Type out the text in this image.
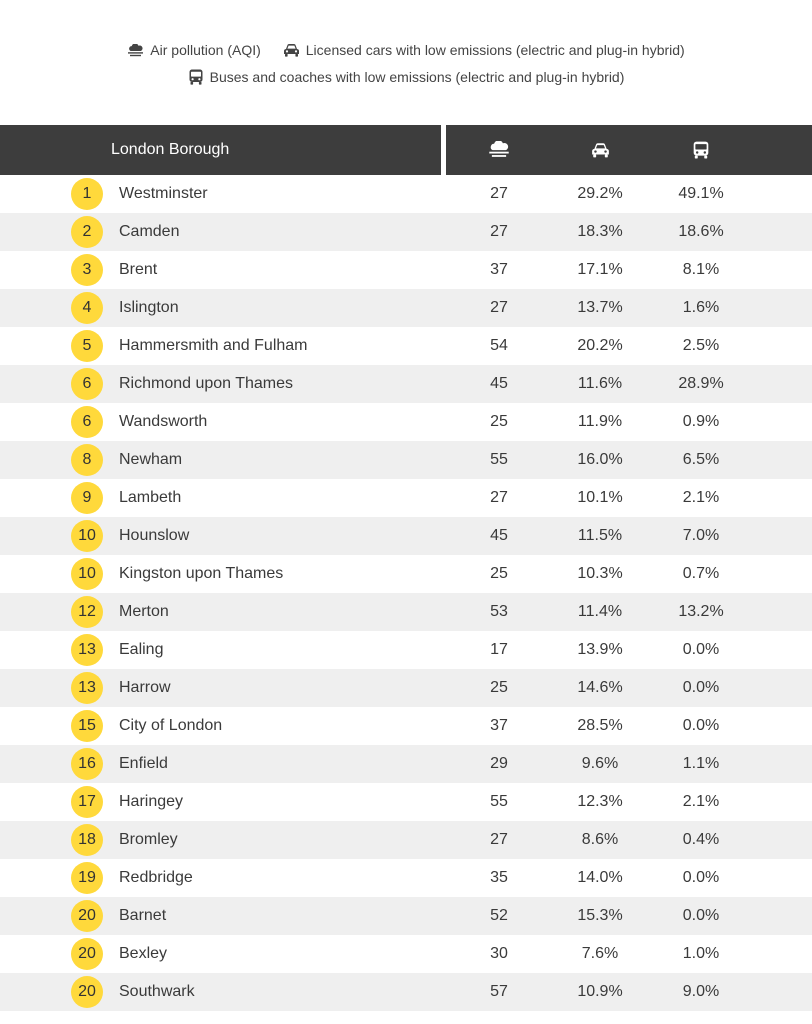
Air pollution (AQI)	Licensed cars with low emissions (electric and plug-in hybrid)
Buses and coaches with low emissions (electric and plug-in hybrid)
	London Borough				
1	Westminster	27	29.2%	49.1%	
2	Camden	27	18.3%	18.6%	
3	Brent	37	17.1%	8.1%	
4	Islington	27	13.7%	1.6%	
5	Hammersmith and Fulham	54	20.2%	2.5%	
6	Richmond upon Thames	45	11.6%	28.9%	
6	Wandsworth	25	11.9%	0.9%	
8	Newham	55	16.0%	6.5%	
9	Lambeth	27	10.1%	2.1%	
10	Hounslow	45	11.5%	7.0%	
10	Kingston upon Thames	25	10.3%	0.7%	
12	Merton	53	11.4%	13.2%	
13	Ealing	17	13.9%	0.0%	
13	Harrow	25	14.6%	0.0%	
15	City of London	37	28.5%	0.0%	
16	Enfield	29	9.6%	1.1%	
17	Haringey	55	12.3%	2.1%	
18	Bromley	27	8.6%	0.4%	
19	Redbridge	35	14.0%	0.0%	
20	Barnet	52	15.3%	0.0%	
20	Bexley	30	7.6%	1.0%	
20	Southwark	57	10.9%	9.0%	
